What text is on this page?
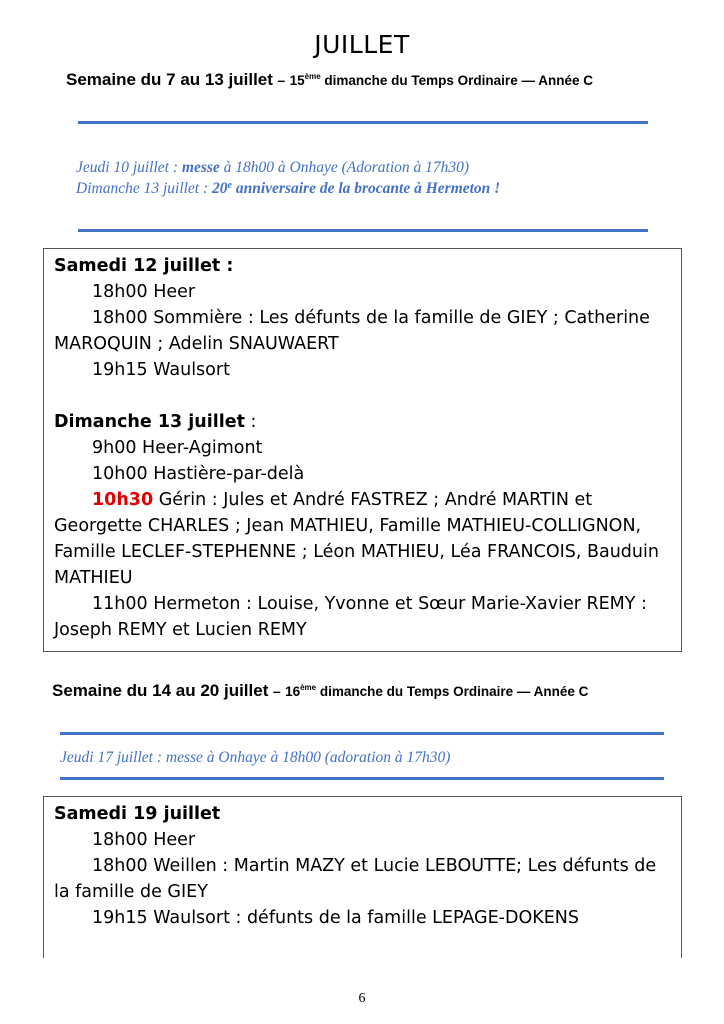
JUILLET
Semaine du 7 au 13 juillet – 15ème dimanche du Temps Ordinaire — Année C
Jeudi 10 juillet : messe à 18h00 à Onhaye (Adoration à 17h30)
Dimanche 13 juillet : 20e anniversaire de la brocante à Hermeton !
Samedi 12 juillet :
18h00 Heer
18h00 Sommière : Les défunts de la famille de GIEY ; Catherine
MAROQUIN ; Adelin SNAUWAERT
19h15 Waulsort
Dimanche 13 juillet :
9h00 Heer-Agimont
10h00 Hastière-par-delà
10h30 Gérin : Jules et André FASTREZ ; André MARTIN et
Georgette CHARLES ; Jean MATHIEU, Famille MATHIEU-COLLIGNON,
Famille LECLEF-STEPHENNE ; Léon MATHIEU, Léa FRANCOIS, Bauduin
MATHIEU
11h00 Hermeton : Louise, Yvonne et Sœur Marie-Xavier REMY :
Joseph REMY et Lucien REMY
Semaine du 14 au 20 juillet – 16ème dimanche du Temps Ordinaire — Année C
Jeudi 17 juillet : messe à Onhaye à 18h00 (adoration à 17h30)
Samedi 19 juillet
18h00 Heer
18h00 Weillen : Martin MAZY et Lucie LEBOUTTE; Les défunts de
la famille de GIEY
19h15 Waulsort : défunts de la famille LEPAGE-DOKENS
6
